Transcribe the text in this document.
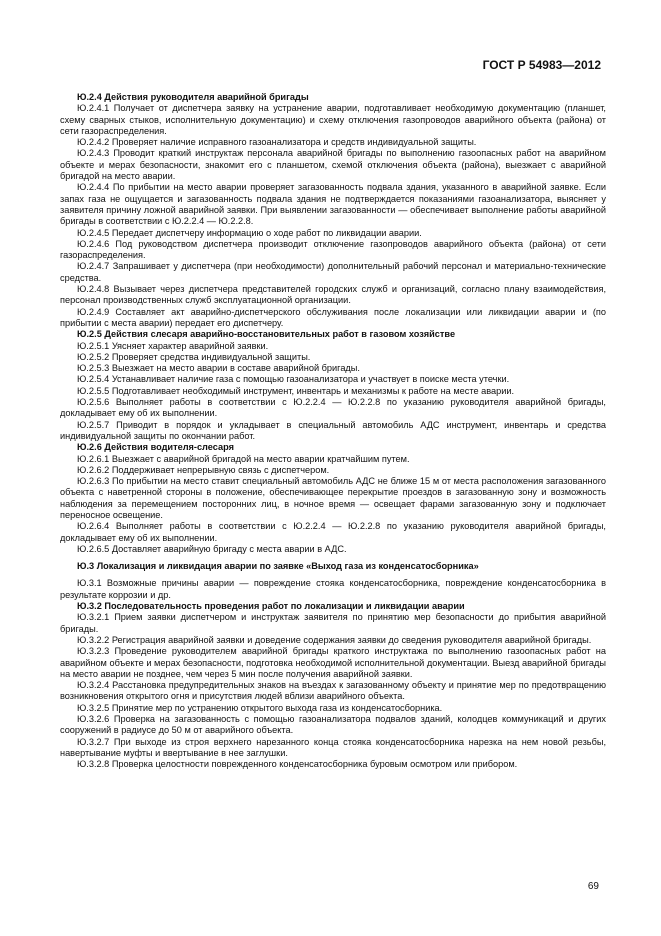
ГОСТ Р 54983—2012

Ю.2.4 Действия руководителя аварийной бригады

Ю.2.4.1 Получает от диспетчера заявку на устранение аварии, подготавливает необходимую документацию (планшет, схему сварных стыков, исполнительную документацию) и схему отключения газопроводов аварийного объекта (района) от сети газораспределения.

Ю.2.4.2 Проверяет наличие исправного газоанализатора и средств индивидуальной защиты.

Ю.2.4.3 Проводит краткий инструктаж персонала аварийной бригады по выполнению газоопасных работ на аварийном объекте и мерах безопасности, знакомит его с планшетом, схемой отключения объекта (района), выезжает с аварийной бригадой на место аварии.

Ю.2.4.4 По прибытии на место аварии проверяет загазованность подвала здания, указанного в аварийной заявке. Если запах газа не ощущается и загазованность подвала здания не подтверждается показаниями газоанализатора, выясняет у заявителя причину ложной аварийной заявки. При выявлении загазованности — обеспечивает выполнение работы аварийной бригады в соответствии с Ю.2.2.4 — Ю.2.2.8.

Ю.2.4.5 Передает диспетчеру информацию о ходе работ по ликвидации аварии.

Ю.2.4.6 Под руководством диспетчера производит отключение газопроводов аварийного объекта (района) от сети газораспределения.

Ю.2.4.7 Запрашивает у диспетчера (при необходимости) дополнительный рабочий персонал и материально-технические средства.

Ю.2.4.8 Вызывает через диспетчера представителей городских служб и организаций, согласно плану взаимодействия, персонал производственных служб эксплуатационной организации.

Ю.2.4.9 Составляет акт аварийно-диспетчерского обслуживания после локализации или ликвидации аварии и (по прибытии с места аварии) передает его диспетчеру.

Ю.2.5 Действия слесаря аварийно-восстановительных работ в газовом хозяйстве

Ю.2.5.1 Уясняет характер аварийной заявки.

Ю.2.5.2 Проверяет средства индивидуальной защиты.

Ю.2.5.3 Выезжает на место аварии в составе аварийной бригады.

Ю.2.5.4 Устанавливает наличие газа с помощью газоанализатора и участвует в поиске места утечки.

Ю.2.5.5 Подготавливает необходимый инструмент, инвентарь и механизмы к работе на месте аварии.

Ю.2.5.6 Выполняет работы в соответствии с Ю.2.2.4 — Ю.2.2.8 по указанию руководителя аварийной бригады, докладывает ему об их выполнении.

Ю.2.5.7 Приводит в порядок и укладывает в специальный автомобиль АДС инструмент, инвентарь и средства индивидуальной защиты по окончании работ.

Ю.2.6 Действия водителя-слесаря

Ю.2.6.1 Выезжает с аварийной бригадой на место аварии кратчайшим путем.

Ю.2.6.2 Поддерживает непрерывную связь с диспетчером.

Ю.2.6.3 По прибытии на место ставит специальный автомобиль АДС не ближе 15 м от места расположения загазованного объекта с наветренной стороны в положение, обеспечивающее перекрытие проездов в загазованную зону и возможность наблюдения за перемещением посторонних лиц, в ночное время — освещает фарами загазованную зону и подключает переносное освещение.

Ю.2.6.4 Выполняет работы в соответствии с Ю.2.2.4 — Ю.2.2.8 по указанию руководителя аварийной бригады, докладывает ему об их выполнении.

Ю.2.6.5 Доставляет аварийную бригаду с места аварии в АДС.

Ю.3 Локализация и ликвидация аварии по заявке «Выход газа из конденсатосборника»

Ю.3.1 Возможные причины аварии — повреждение стояка конденсатосборника, повреждение конденсатосборника в результате коррозии и др.

Ю.3.2 Последовательность проведения работ по локализации и ликвидации аварии

Ю.3.2.1 Прием заявки диспетчером и инструктаж заявителя по принятию мер безопасности до прибытия аварийной бригады.

Ю.3.2.2 Регистрация аварийной заявки и доведение содержания заявки до сведения руководителя аварийной бригады.

Ю.3.2.3 Проведение руководителем аварийной бригады краткого инструктажа по выполнению газоопасных работ на аварийном объекте и мерах безопасности, подготовка необходимой исполнительной документации. Выезд аварийной бригады на место аварии не позднее, чем через 5 мин после получения аварийной заявки.

Ю.3.2.4 Расстановка предупредительных знаков на въездах к загазованному объекту и принятие мер по предотвращению возникновения открытого огня и присутствия людей вблизи аварийного объекта.

Ю.3.2.5 Принятие мер по устранению открытого выхода газа из конденсатосборника.

Ю.3.2.6 Проверка на загазованность с помощью газоанализатора подвалов зданий, колодцев коммуникаций и других сооружений в радиусе до 50 м от аварийного объекта.

Ю.3.2.7 При выходе из строя верхнего нарезанного конца стояка конденсатосборника нарезка на нем новой резьбы, навертывание муфты и ввертывание в нее заглушки.

Ю.3.2.8 Проверка целостности поврежденного конденсатосборника буровым осмотром или прибором.

69
